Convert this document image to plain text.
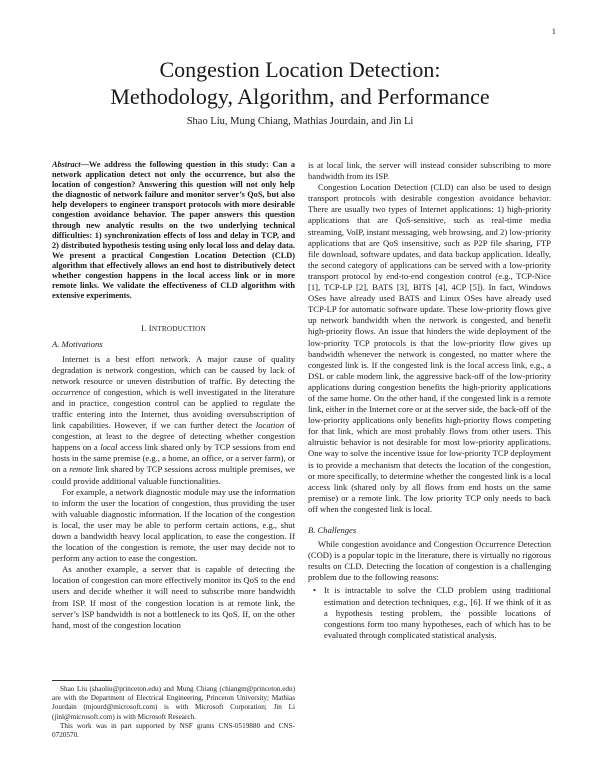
1
Congestion Location Detection:
Methodology, Algorithm, and Performance
Shao Liu, Mung Chiang, Mathias Jourdain, and Jin Li

Abstract—We address the following question in this study: Can a network application detect not only the occurrence, but also the location of congestion? Answering this question will not only help the diagnostic of network failure and monitor server’s QoS, but also help developers to engineer transport protocols with more desirable congestion avoidance behavior. The paper answers this question through new analytic results on the two underlying technical difficulties: 1) synchronization effects of loss and delay in TCP, and 2) distributed hypothesis testing using only local loss and delay data. We present a practical Congestion Location Detection (CLD) algorithm that effectively allows an end host to distributively detect whether congestion happens in the local access link or in more remote links. We validate the effectiveness of CLD algorithm with extensive experiments.

I. INTRODUCTION
A. Motivations

Internet is a best effort network. A major cause of quality degradation is network congestion, which can be caused by lack of network resource or uneven distribution of traffic. By detecting the occurrence of congestion, which is well investigated in the literature and in practice, congestion control can be applied to regulate the traffic entering into the Internet, thus avoiding oversubscription of link capabilities. However, if we can further detect the location of congestion, at least to the degree of detecting whether congestion happens on a local access link shared only by TCP sessions from end hosts in the same premise (e.g., a home, an office, or a server farm), or on a remote link shared by TCP sessions across multiple premises, we could provide additional valuable functionalities.

For example, a network diagnostic module may use the information to inform the user the location of congestion, thus providing the user with valuable diagnostic information. If the location of the congestion is local, the user may be able to perform certain actions, e.g., shut down a bandwidth heavy local application, to ease the congestion. If the location of the congestion is remote, the user may decide not to perform any action to ease the congestion.

As another example, a server that is capable of detecting the location of congestion can more effectively monitor its QoS to the end users and decide whether it will need to subscribe more bandwidth from ISP. If most of the congestion location is at remote link, the server’s ISP bandwidth is not a bottleneck to its QoS. If, on the other hand, most of the congestion location

Shao Liu (shaoliu@princeton.edu) and Mung Chiang (chiangm@princeton.edu) are with the Department of Electrical Engineering, Princeton University; Mathias Jourdain (mjourd@microsoft.com) is with Microsoft Corporation; Jin Li (jinl@microsoft.com) is with Microsoft Research.

This work was in part supported by NSF grants CNS-0519880 and CNS-0720570.

is at local link, the server will instead consider subscribing to more bandwidth from its ISP.

Congestion Location Detection (CLD) can also be used to design transport protocols with desirable congestion avoidance behavior. There are usually two types of Internet applications: 1) high-priority applications that are QoS-sensitive, such as real-time media streaming, VoIP, instant messaging, web browsing, and 2) low-priority applications that are QoS insensitive, such as P2P file sharing, FTP file download, software updates, and data backup application. Ideally, the second category of applications can be served with a low-priority transport protocol by end-to-end congestion control (e.g., TCP-Nice [1], TCP-LP [2], BATS [3], BITS [4], 4CP [5]). In fact, Windows OSes have already used BATS and Linux OSes have already used TCP-LP for automatic software update. These low-priority flows give up network bandwidth when the network is congested, and benefit high-priority flows. An issue that hinders the wide deployment of the low-priority TCP protocols is that the low-priority flow gives up bandwidth whenever the network is congested, no matter where the congested link is. If the congested link is the local access link, e.g., a DSL or cable modem link, the aggressive back-off of the low-priority applications during congestion benefits the high-priority applications of the same home. On the other hand, if the congested link is a remote link, either in the Internet core or at the server side, the back-off of the low-priority applications only benefits high-priority flows competing for that link, which are most probably flows from other users. This altruistic behavior is not desirable for most low-priority applications. One way to solve the incentive issue for low-priority TCP deployment is to provide a mechanism that detects the location of the congestion, or more specifically, to determine whether the congested link is a local access link (shared only by all flows from end hosts on the same premise) or a remote link. The low priority TCP only needs to back off when the congested link is local.

B. Challenges

While congestion avoidance and Congestion Occurrence Detection (COD) is a popular topic in the literature, there is virtually no rigorous results on CLD. Detecting the location of congestion is a challenging problem due to the following reasons:

• It is intractable to solve the CLD problem using traditional estimation and detection techniques, e.g., [6]. If we think of it as a hypothesis testing problem, the possible locations of congestions form too many hypotheses, each of which has to be evaluated through complicated statistical analysis.
